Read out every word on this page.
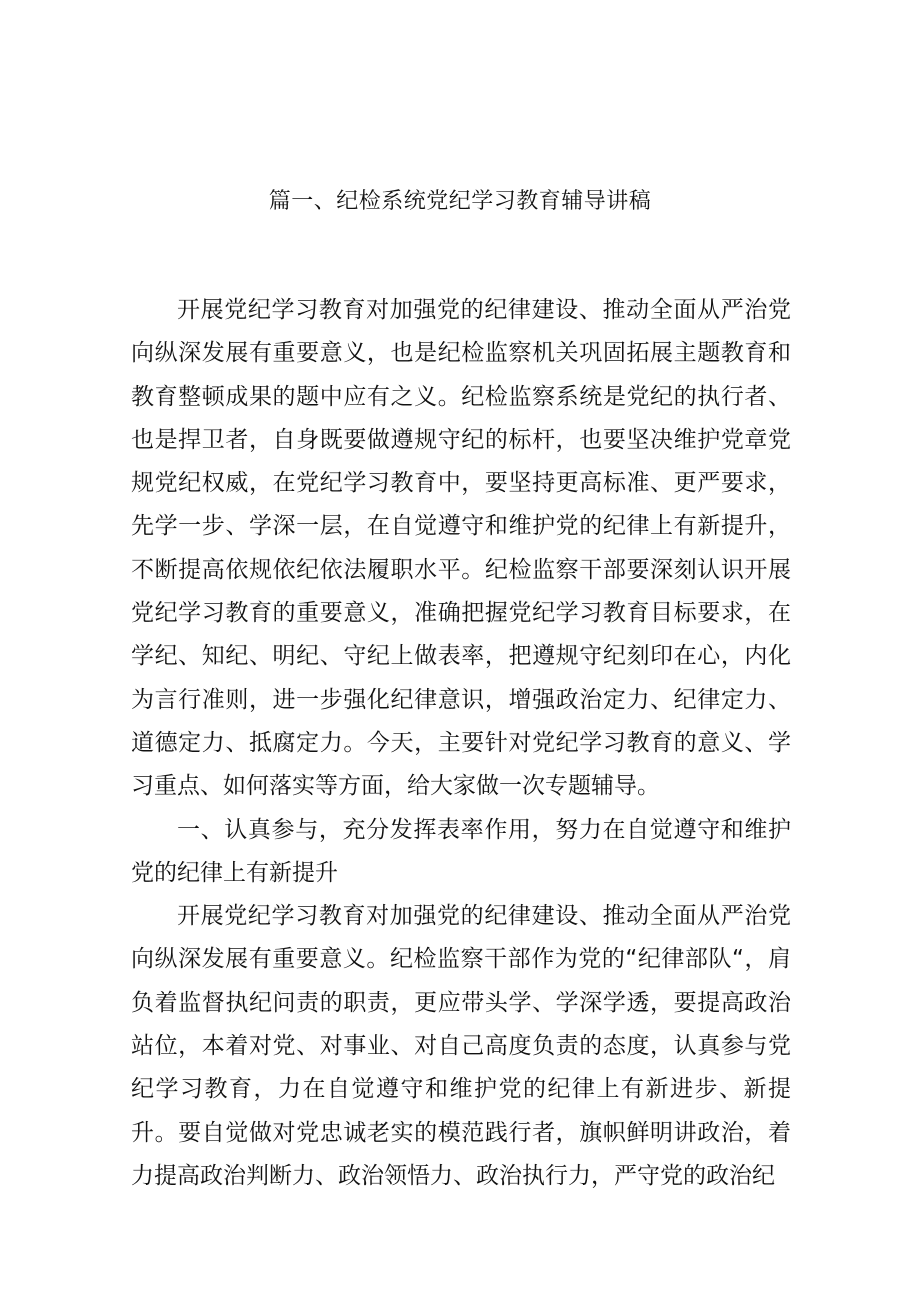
篇一、纪检系统党纪学习教育辅导讲稿

开展党纪学习教育对加强党的纪律建设、推动全面从严治党向纵深发展有重要意义，也是纪检监察机关巩固拓展主题教育和教育整顿成果的题中应有之义。纪检监察系统是党纪的执行者、也是捍卫者，自身既要做遵规守纪的标杆，也要坚决维护党章党规党纪权威，在党纪学习教育中，要坚持更高标准、更严要求，先学一步、学深一层，在自觉遵守和维护党的纪律上有新提升，不断提高依规依纪依法履职水平。纪检监察干部要深刻认识开展党纪学习教育的重要意义，准确把握党纪学习教育目标要求，在学纪、知纪、明纪、守纪上做表率，把遵规守纪刻印在心，内化为言行准则，进一步强化纪律意识，增强政治定力、纪律定力、道德定力、抵腐定力。今天，主要针对党纪学习教育的意义、学习重点、如何落实等方面，给大家做一次专题辅导。

一、认真参与，充分发挥表率作用，努力在自觉遵守和维护党的纪律上有新提升

开展党纪学习教育对加强党的纪律建设、推动全面从严治党向纵深发展有重要意义。纪检监察干部作为党的“纪律部队“，肩负着监督执纪问责的职责，更应带头学、学深学透，要提高政治站位，本着对党、对事业、对自己高度负责的态度，认真参与党纪学习教育，力在自觉遵守和维护党的纪律上有新进步、新提升。要自觉做对党忠诚老实的模范践行者，旗帜鲜明讲政治，着力提高政治判断力、政治领悟力、政治执行力，严守党的政治纪
